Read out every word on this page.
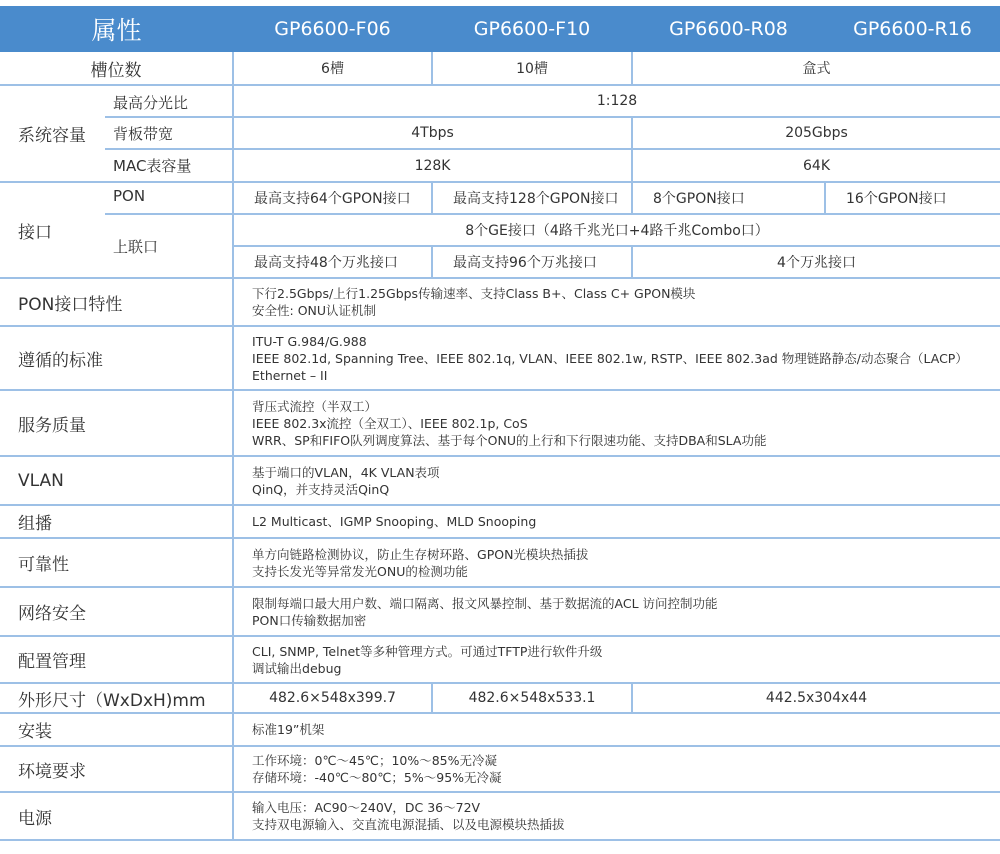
属性		GP6600-F06	GP6600-F10	GP6600-R08	GP6600-R16
槽位数		6槽	10槽	盒式	
系统容量	最高分光比	1:128			
	背板带宽	4Tbps		205Gbps	
	MAC表容量	128K		64K	
接口	PON	最高支持64个GPON接口	最高支持128个GPON接口	8个GPON接口	16个GPON接口
	上联口	8个GE接口（4路千兆光口+4路千兆Combo口）			
		最高支持48个万兆接口	最高支持96个万兆接口	4个万兆接口	
PON接口特性		下行2.5Gbps/上行1.25Gbps传输速率、支持Class B+、Class C+ GPON模块
安全性: ONU认证机制			

遵循的标准		ITU-T G.984/G.988
IEEE 802.1d, Spanning Tree、IEEE 802.1q, VLAN、IEEE 802.1w, RSTP、IEEE 802.3ad 物理链路静态/动态聚合（LACP）
Ethernet – II			

服务质量		背压式流控（半双工）
IEEE 802.3x流控（全双工）、IEEE 802.1p, CoS
WRR、SP和FIFO队列调度算法、基于每个ONU的上行和下行限速功能、支持DBA和SLA功能			

VLAN		基于端口的VLAN，4K VLAN表项
QinQ，并支持灵活QinQ			

组播		L2 Multicast、IGMP Snooping、MLD Snooping			

可靠性		单方向链路检测协议，防止生存树环路、GPON光模块热插拔
支持长发光等异常发光ONU的检测功能			

网络安全		限制每端口最大用户数、端口隔离、报文风暴控制、基于数据流的ACL 访问控制功能
PON口传输数据加密			

配置管理		CLI, SNMP, Telnet等多种管理方式。可通过TFTP进行软件升级
调试输出debug			

外形尺寸（WxDxH)mm		482.6×548x399.7	482.6×548x533.1	442.5x304x44	
安装		标准19”机架			

环境要求		工作环境：0℃～45℃；10%～85%无冷凝
存储环境：-40℃～80℃；5%～95%无冷凝			

电源		输入电压：AC90～240V，DC 36～72V
支持双电源输入、交直流电源混插、以及电源模块热插拔			
